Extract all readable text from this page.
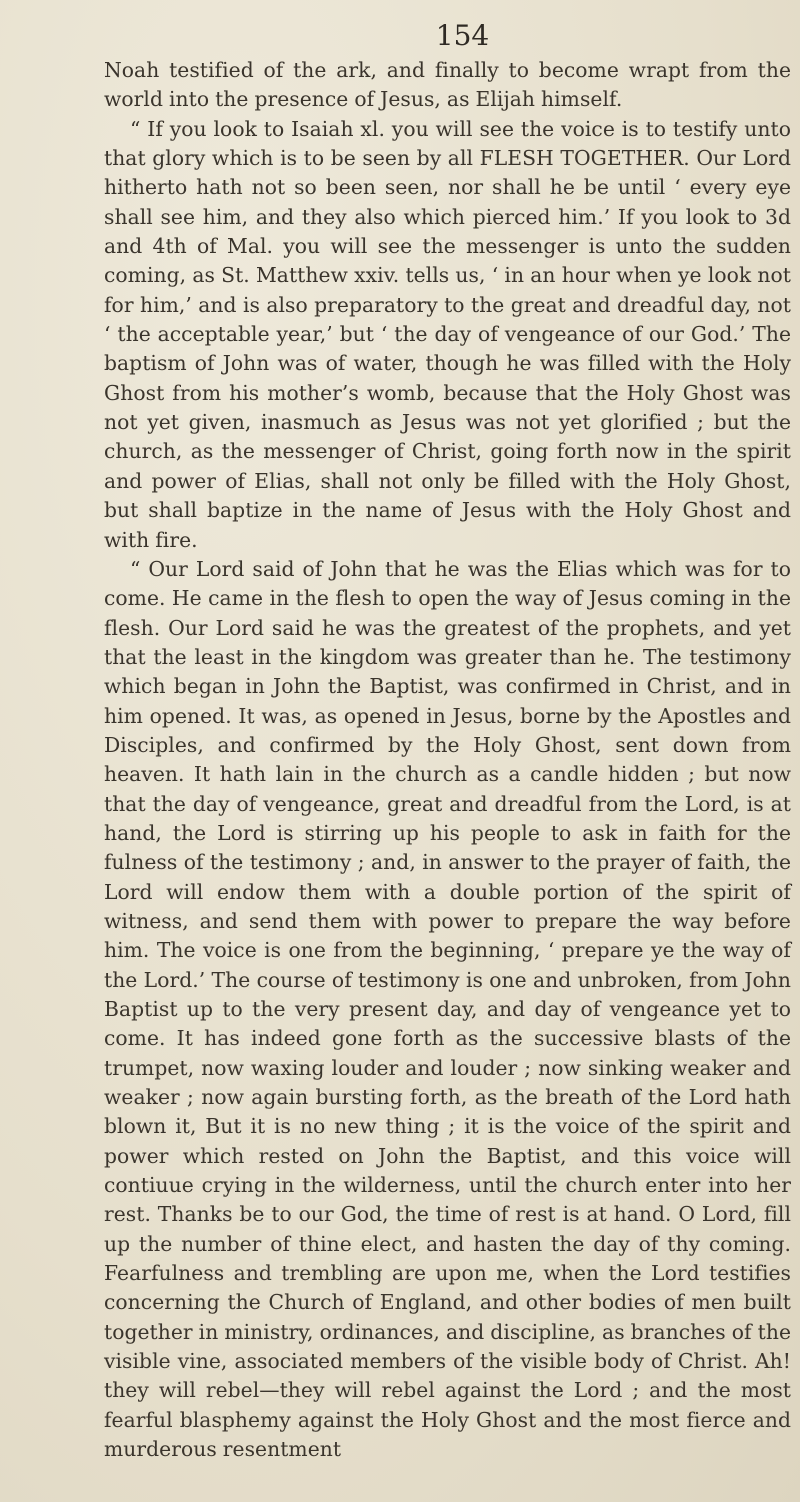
154

Noah testified of the ark, and finally to become wrapt from the world into the presence of Jesus, as Elijah himself.

“ If you look to Isaiah xl. you will see the voice is to testify unto that glory which is to be seen by all FLESH TOGETHER. Our Lord hitherto hath not so been seen, nor shall he be until ‘ every eye shall see him, and they also which pierced him.’ If you look to 3d and 4th of Mal. you will see the messenger is unto the sudden coming, as St. Matthew xxiv. tells us, ‘ in an hour when ye look not for him,’ and is also preparatory to the great and dreadful day, not ‘ the acceptable year,’ but ‘ the day of vengeance of our God.’ The baptism of John was of water, though he was filled with the Holy Ghost from his mother’s womb, because that the Holy Ghost was not yet given, inasmuch as Jesus was not yet glorified ; but the church, as the messenger of Christ, going forth now in the spirit and power of Elias, shall not only be filled with the Holy Ghost, but shall baptize in the name of Jesus with the Holy Ghost and with fire.

“ Our Lord said of John that he was the Elias which was for to come. He came in the flesh to open the way of Jesus coming in the flesh. Our Lord said he was the greatest of the prophets, and yet that the least in the kingdom was greater than he. The testimony which began in John the Baptist, was confirmed in Christ, and in him opened. It was, as opened in Jesus, borne by the Apostles and Disciples, and confirmed by the Holy Ghost, sent down from heaven. It hath lain in the church as a candle hidden ; but now that the day of vengeance, great and dreadful from the Lord, is at hand, the Lord is stirring up his people to ask in faith for the fulness of the testimony ; and, in answer to the prayer of faith, the Lord will endow them with a double portion of the spirit of witness, and send them with power to prepare the way before him. The voice is one from the beginning, ‘ prepare ye the way of the Lord.’ The course of testimony is one and unbroken, from John Baptist up to the very present day, and day of vengeance yet to come. It has indeed gone forth as the successive blasts of the trumpet, now waxing louder and louder ; now sinking weaker and weaker ; now again bursting forth, as the breath of the Lord hath blown it, But it is no new thing ; it is the voice of the spirit and power which rested on John the Baptist, and this voice will contiuue crying in the wilderness, until the church enter into her rest. Thanks be to our God, the time of rest is at hand. O Lord, fill up the number of thine elect, and hasten the day of thy coming. Fearfulness and trembling are upon me, when the Lord testifies concerning the Church of England, and other bodies of men built together in ministry, ordinances, and discipline, as branches of the visible vine, associated members of the visible body of Christ. Ah! they will rebel—they will rebel against the Lord ; and the most fearful blasphemy against the Holy Ghost and the most fierce and murderous resentment
